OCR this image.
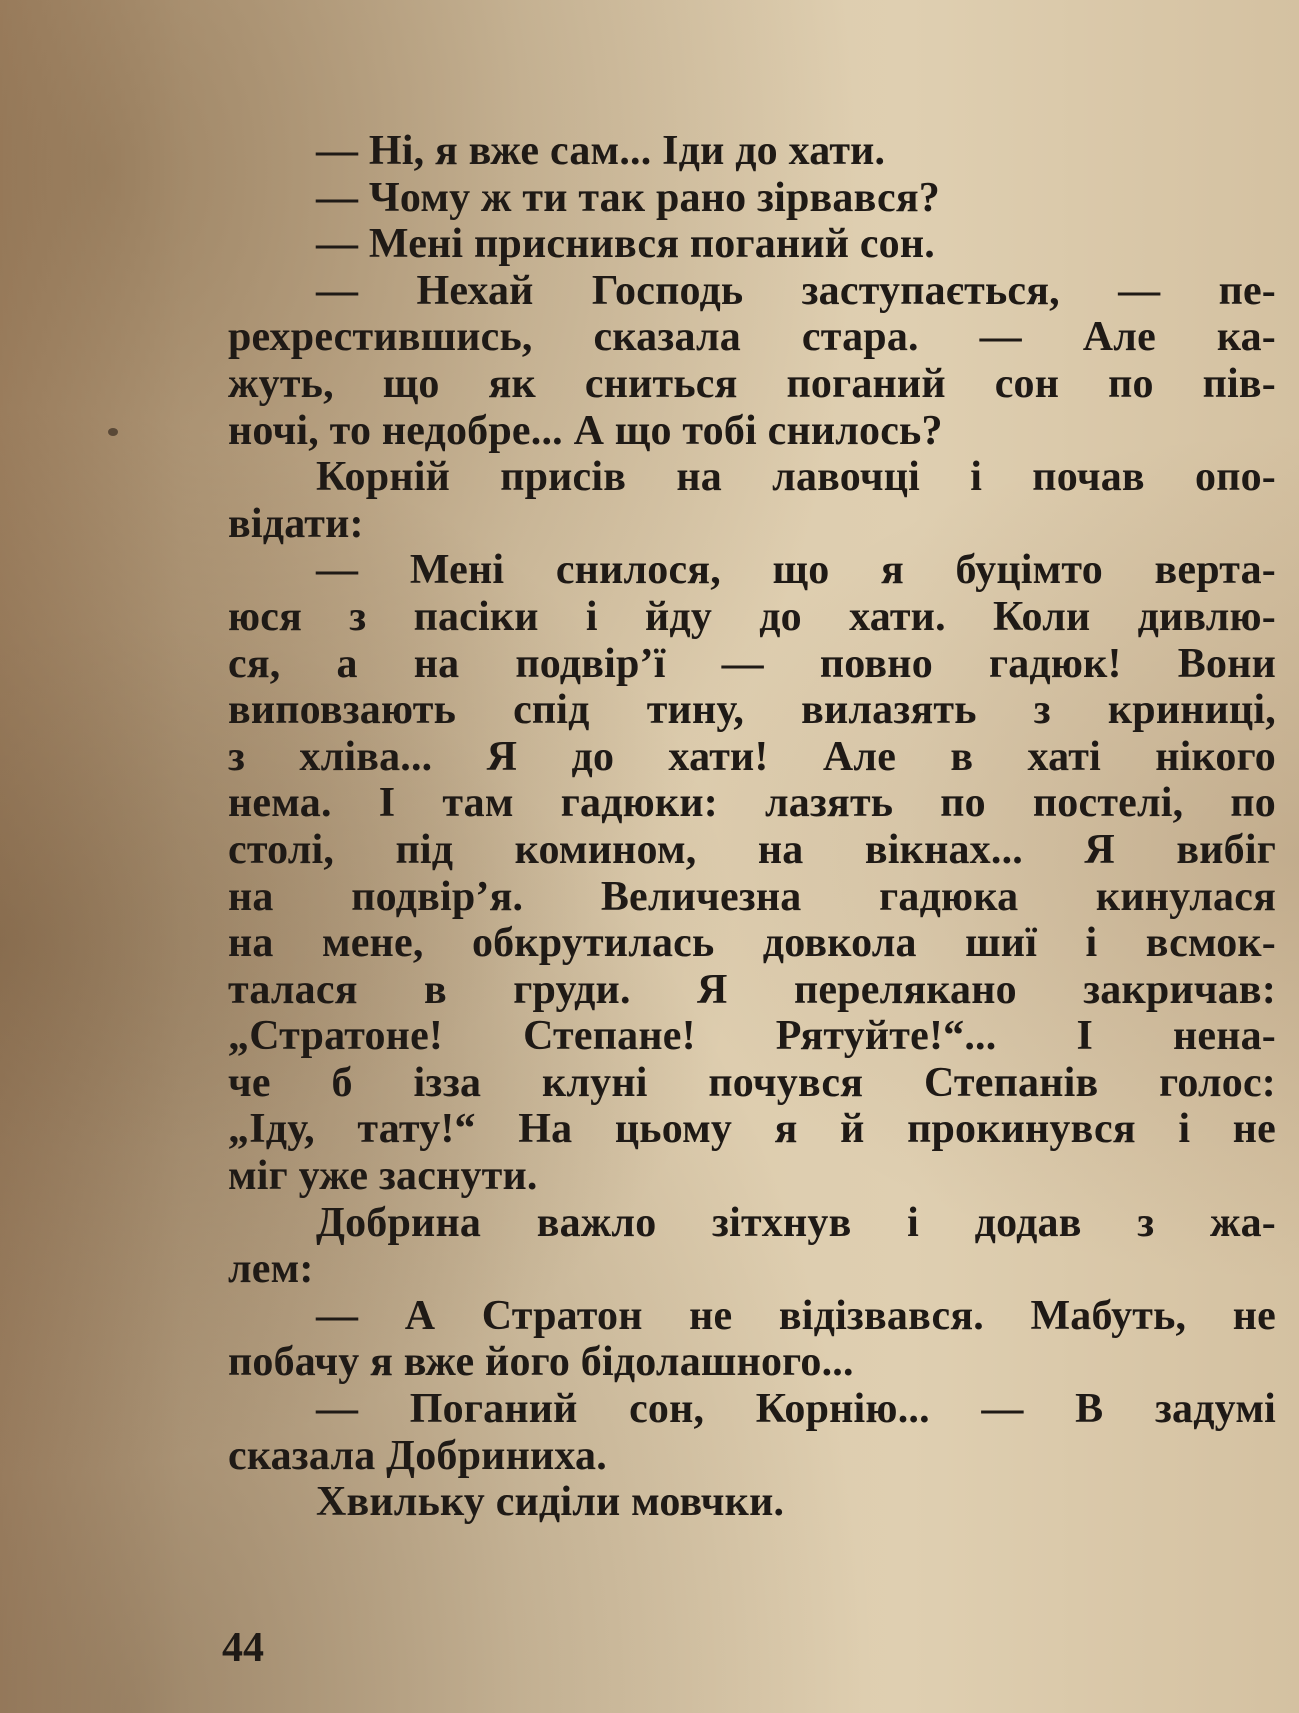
— Ні, я вже сам... Іди до хати.
— Чому ж ти так рано зірвався?
— Мені приснився поганий сон.
— Нехай Господь заступається, — пе-
рехрестившись, сказала стара. — Але ка-
жуть, що як сниться поганий сон по пів-
ночі, то недобре... А що тобі снилось?
Корній присів на лавочці і почав опо-
відати:
— Мені снилося, що я буцімто верта-
юся з пасіки і йду до хати. Коли дивлю-
ся, а на подвір’ї — повно гадюк! Вони
виповзають спід тину, вилазять з криниці,
з хліва... Я до хати! Але в хаті нікого
нема. І там гадюки: лазять по постелі, по
столі, під комином, на вікнах... Я вибіг
на подвір’я. Величезна гадюка кинулася
на мене, обкрутилась довкола шиї і всмок-
талася в груди. Я перелякано закричав:
„Стратоне! Степане! Рятуйте!“... І нена-
че б ізза клуні почувся Степанів голос:
„Іду, тату!“ На цьому я й прокинувся і не
міг уже заснути.
Добрина важло зітхнув і додав з жа-
лем:
— А Стратон не відізвався. Мабуть, не
побачу я вже його бідолашного...
— Поганий сон, Корнію... — В задумі
сказала Добриниха.
Хвильку сиділи мовчки.
44
